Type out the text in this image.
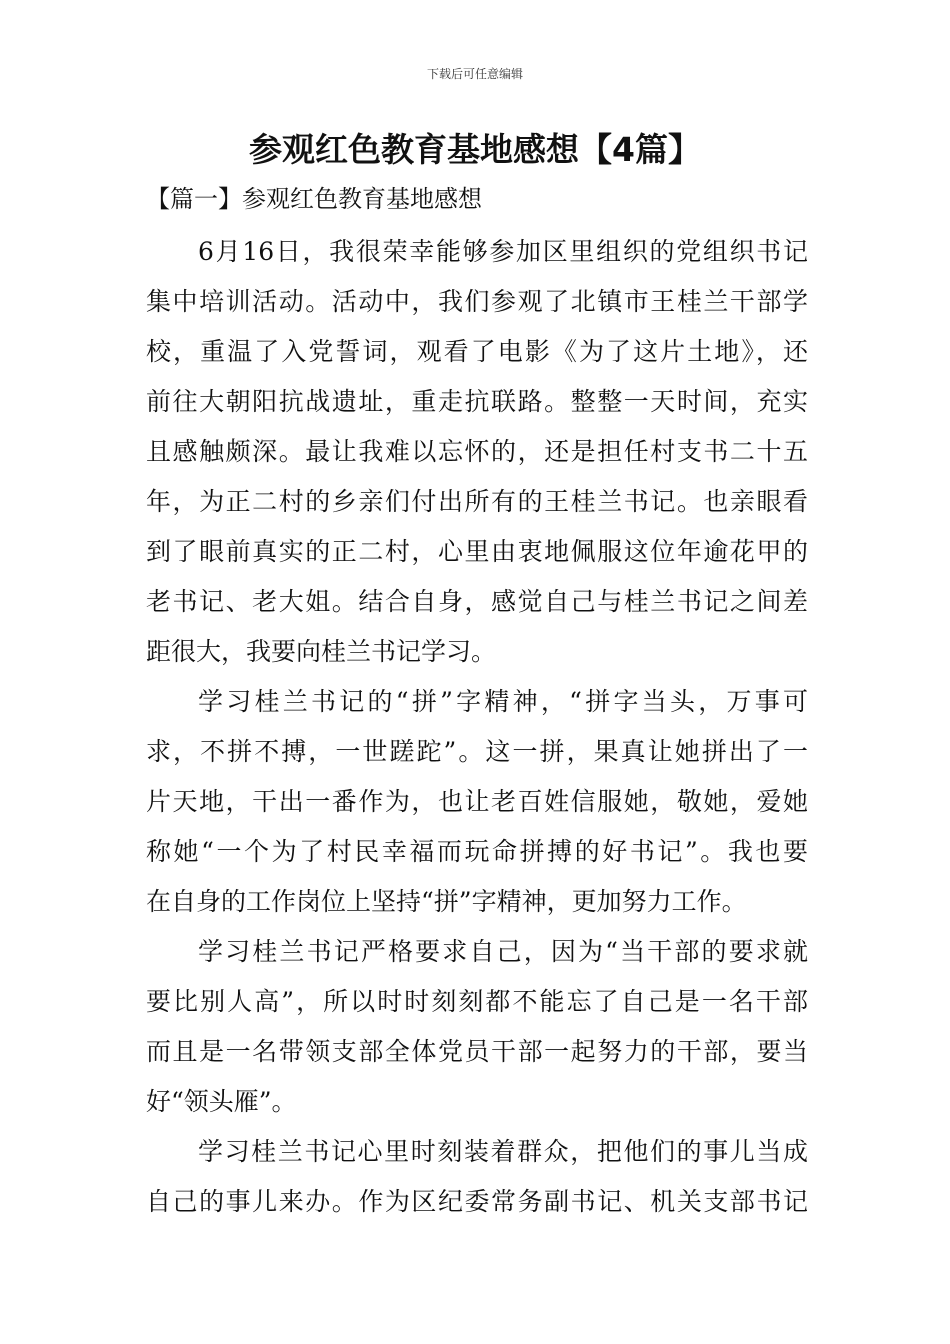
下载后可任意编辑
参观红色教育基地感想【4篇】
【篇一】参观红色教育基地感想
6月16日，我很荣幸能够参加区里组织的党组织书记
集中培训活动。活动中，我们参观了北镇市王桂兰干部学
校，重温了入党誓词，观看了电影《为了这片土地》，还
前往大朝阳抗战遗址，重走抗联路。整整一天时间，充实
且感触颇深。最让我难以忘怀的，还是担任村支书二十五
年，为正二村的乡亲们付出所有的王桂兰书记。也亲眼看
到了眼前真实的正二村，心里由衷地佩服这位年逾花甲的
老书记、老大姐。结合自身，感觉自己与桂兰书记之间差
距很大，我要向桂兰书记学习。
学习桂兰书记的“拼”字精神，“拼字当头，万事可
求，不拼不搏，一世蹉跎”。这一拼，果真让她拼出了一
片天地，干出一番作为，也让老百姓信服她，敬她，爱她
称她“一个为了村民幸福而玩命拼搏的好书记”。我也要
在自身的工作岗位上坚持“拼”字精神，更加努力工作。
学习桂兰书记严格要求自己，因为“当干部的要求就
要比别人高”，所以时时刻刻都不能忘了自己是一名干部
而且是一名带领支部全体党员干部一起努力的干部，要当
好“领头雁”。
学习桂兰书记心里时刻装着群众，把他们的事儿当成
自己的事儿来办。作为区纪委常务副书记、机关支部书记
